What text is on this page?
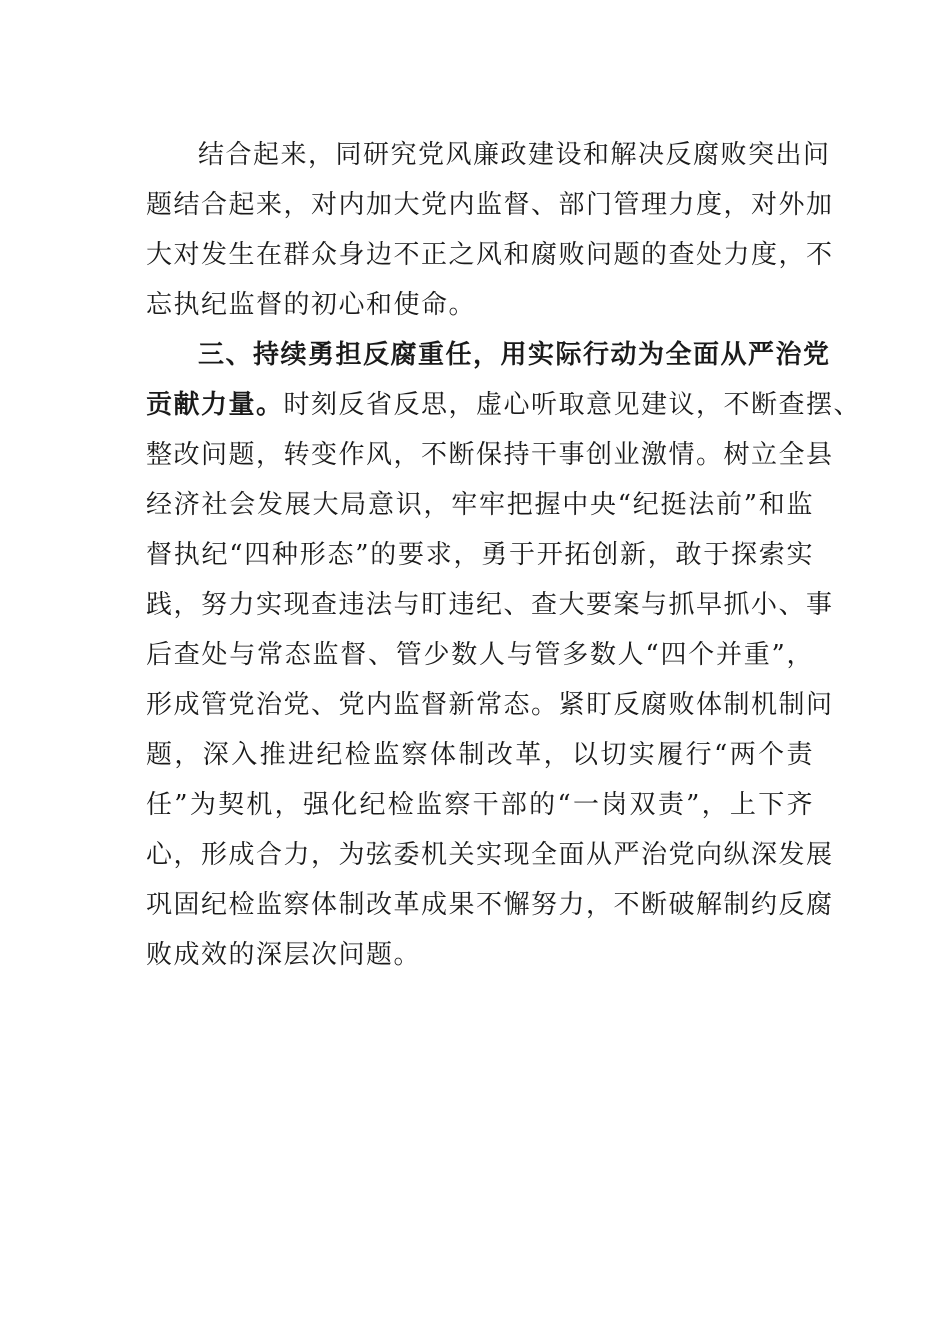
结合起来，同研究党风廉政建设和解决反腐败突出问
题结合起来，对内加大党内监督、部门管理力度，对外加
大对发生在群众身边不正之风和腐败问题的查处力度，不
忘执纪监督的初心和使命。
三、持续勇担反腐重任，用实际行动为全面从严治党
贡献力量。时刻反省反思，虚心听取意见建议，不断查摆、
整改问题，转变作风，不断保持干事创业激情。树立全县
经济社会发展大局意识，牢牢把握中央“纪挺法前”和监
督执纪“四种形态”的要求，勇于开拓创新，敢于探索实
践，努力实现查违法与盯违纪、查大要案与抓早抓小、事
后查处与常态监督、管少数人与管多数人“四个并重”，
形成管党治党、党内监督新常态。紧盯反腐败体制机制问
题，深入推进纪检监察体制改革，以切实履行“两个责
任”为契机，强化纪检监察干部的“一岗双责”，上下齐
心，形成合力，为弦委机关实现全面从严治党向纵深发展
巩固纪检监察体制改革成果不懈努力，不断破解制约反腐
败成效的深层次问题。
